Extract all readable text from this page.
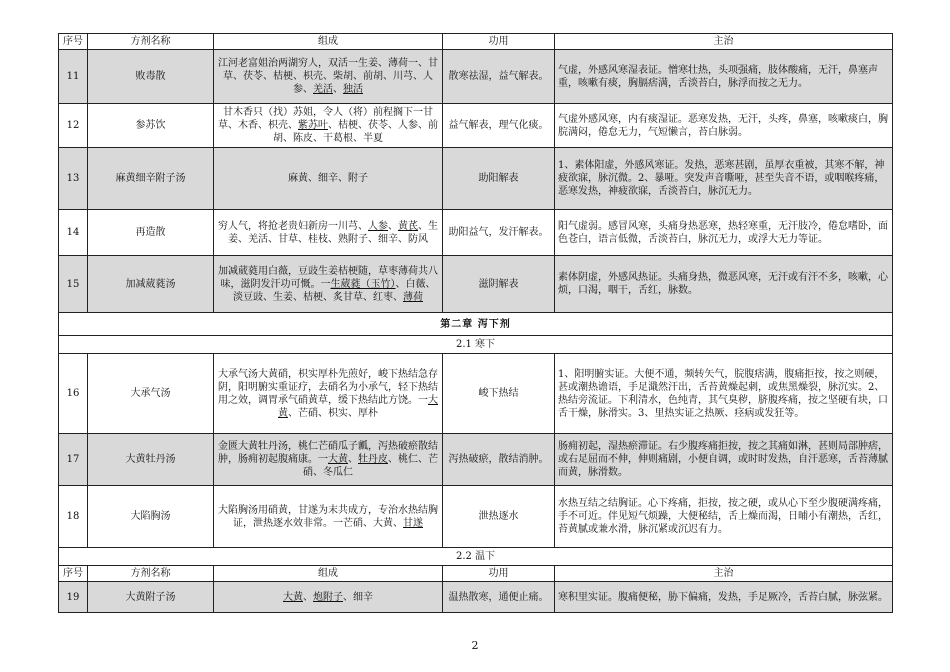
序号	方剂名称	组成	功用	主治
11	败毒散	江河老富姐治两湖穷人，双活一生姜、薄荷一、甘草、茯苓、桔梗、枳壳、柴胡、前胡、川芎、人参、羌活、独活	散寒祛湿，益气解表。	气虚，外感风寒湿表证。憎寒壮热，头项强痛，肢体酸痛，无汗，鼻塞声重，咳嗽有痰，胸膈痞满，舌淡苔白，脉浮而按之无力。
12	参苏饮	甘木香只（找）苏姐，令人（将）前程搁下一甘草、木香、枳壳、紫苏叶、桔梗、茯苓、人参、前胡、陈皮、干葛根、半夏	益气解表，理气化痰。	气虚外感风寒，内有痰湿证。恶寒发热，无汗，头疼，鼻塞，咳嗽痰白，胸脘满闷，倦怠无力，气短懒言，苔白脉弱。
13	麻黄细辛附子汤	麻黄、细辛、附子	助阳解表	1、素体阳虚，外感风寒证。发热，恶寒甚剧，虽厚衣重被，其寒不解，神疲欲寐，脉沉微。2、暴哑。突发声音嘶哑，甚至失音不语，或咽喉疼痛，恶寒发热，神疲欲寐，舌淡苔白，脉沉无力。
14	再造散	穷人气，将抢老贵妇新房一川芎、人参、黄芪、生姜、羌活、甘草、桂枝、熟附子、细辛、防风	助阳益气，发汗解表。	阳气虚弱。感冒风寒，头痛身热恶寒，热轻寒重，无汗肢冷，倦怠嗜卧，面色苍白，语言低微，舌淡苔白，脉沉无力，或浮大无力等证。
15	加减葳蕤汤	加减葳蕤用白薇，豆豉生姜桔梗随，草枣薄荷共八味，滋阴发汗功可慨。一生葳蕤（玉竹）、白薇、淡豆豉、生姜、桔梗、炙甘草、红枣、薄荷	滋阴解表	素体阴虚，外感风热证。头痛身热，微恶风寒，无汗或有汗不多，咳嗽，心烦，口渴，咽干，舌红，脉数。
第二章 泻下剂				
2.1 寒下				
16	大承气汤	大承气汤大黄硝，枳实厚朴先煎好，峻下热结急存阴，阳明腑实重证疗，去硝名为小承气，轻下热结用之效，调胃承气硝黄草，缓下热结此方饶。一大黄、芒硝、枳实、厚朴	峻下热结	1、阳明腑实证。大便不通，频转矢气，脘腹痞满，腹痛拒按，按之则硬，甚或潮热谵语，手足濈然汗出，舌苔黄燥起刺，或焦黑燥裂，脉沉实。2、热结旁流证。下利清水，色纯青，其气臭秽，脐腹疼痛，按之坚硬有块，口舌干燥，脉滑实。3、里热实证之热厥、痉病或发狂等。
17	大黄牡丹汤	金匮大黄牡丹汤，桃仁芒硝瓜子瓤，泻热破瘀散结肿，肠痈初起腹痛康。一大黄、牡丹皮、桃仁、芒硝、冬瓜仁	泻热破瘀，散结消肿。	肠痈初起，湿热瘀滞证。右少腹疼痛拒按，按之其痛如淋，甚则局部肿痞，或右足屈而不伸，伸则痛剧，小便自调，或时时发热，自汗恶寒，舌苔薄腻而黄，脉滑数。
18	大陷胸汤	大陷胸汤用硝黄，甘遂为末共成方，专治水热结胸证，泄热逐水效非常。一芒硝、大黄、甘遂	泄热逐水	水热互结之结胸证。心下疼痛，拒按，按之硬，或从心下至少腹硬满疼痛，手不可近。伴见短气烦躁，大便秘结，舌上燥而渴，日晡小有潮热，舌红，苔黄腻或兼水滑，脉沉紧或沉迟有力。
2.2 温下				
序号	方剂名称	组成	功用	主治
19	大黄附子汤	大黄、炮附子、细辛	温热散寒，通便止痛。	寒积里实证。腹痛便秘，胁下偏痛，发热，手足厥冷，舌苔白腻，脉弦紧。
2
